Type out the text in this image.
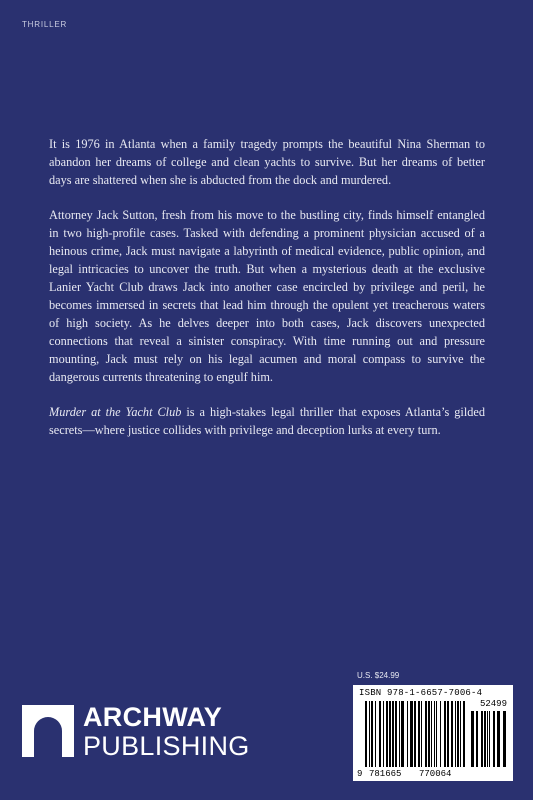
THRILLER

It is 1976 in Atlanta when a family tragedy prompts the beautiful Nina Sherman to abandon her dreams of college and clean yachts to survive. But her dreams of better days are shattered when she is abducted from the dock and murdered.

Attorney Jack Sutton, fresh from his move to the bustling city, finds himself entangled in two high-profile cases. Tasked with defending a prominent physician accused of a heinous crime, Jack must navigate a labyrinth of medical evidence, public opinion, and legal intricacies to uncover the truth. But when a mysterious death at the exclusive Lanier Yacht Club draws Jack into another case encircled by privilege and peril, he becomes immersed in secrets that lead him through the opulent yet treacherous waters of high society. As he delves deeper into both cases, Jack discovers unexpected connections that reveal a sinister conspiracy. With time running out and pressure mounting, Jack must rely on his legal acumen and moral compass to survive the dangerous currents threatening to engulf him.

Murder at the Yacht Club is a high-stakes legal thriller that exposes Atlanta’s gilded secrets—where justice collides with privilege and deception lurks at every turn.

U.S. $24.99
ISBN 978-1-6657-7006-4
52499
9 781665 770064
ARCHWAY
PUBLISHING
